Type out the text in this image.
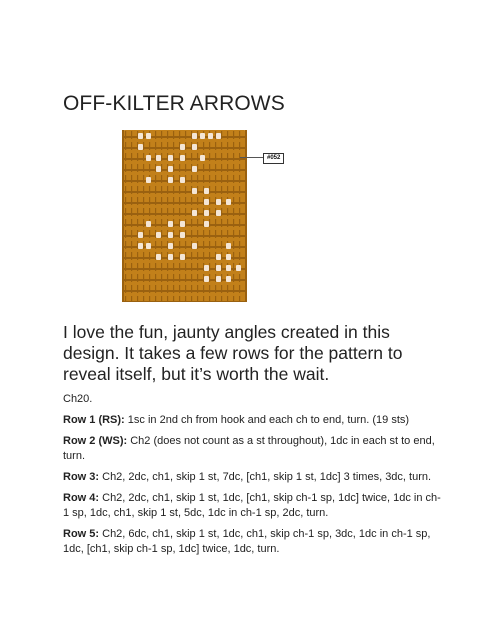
OFF-KILTER ARROWS
#052

I love the fun, jaunty angles created in this design. It takes a few rows for the pattern to reveal itself, but it’s worth the wait.

Ch20.

Row 1 (RS): 1sc in 2nd ch from hook and each ch to end, turn. (19 sts)

Row 2 (WS): Ch2 (does not count as a st throughout), 1dc in each st to end, turn.

Row 3: Ch2, 2dc, ch1, skip 1 st, 7dc, [ch1, skip 1 st, 1dc] 3 times, 3dc, turn.

Row 4: Ch2, 2dc, ch1, skip 1 st, 1dc, [ch1, skip ch-1 sp, 1dc] twice, 1dc in ch-1 sp, 1dc, ch1, skip 1 st, 5dc, 1dc in ch-1 sp, 2dc, turn.

Row 5: Ch2, 6dc, ch1, skip 1 st, 1dc, ch1, skip ch-1 sp, 3dc, 1dc in ch-1 sp, 1dc, [ch1, skip ch-1 sp, 1dc] twice, 1dc, turn.
